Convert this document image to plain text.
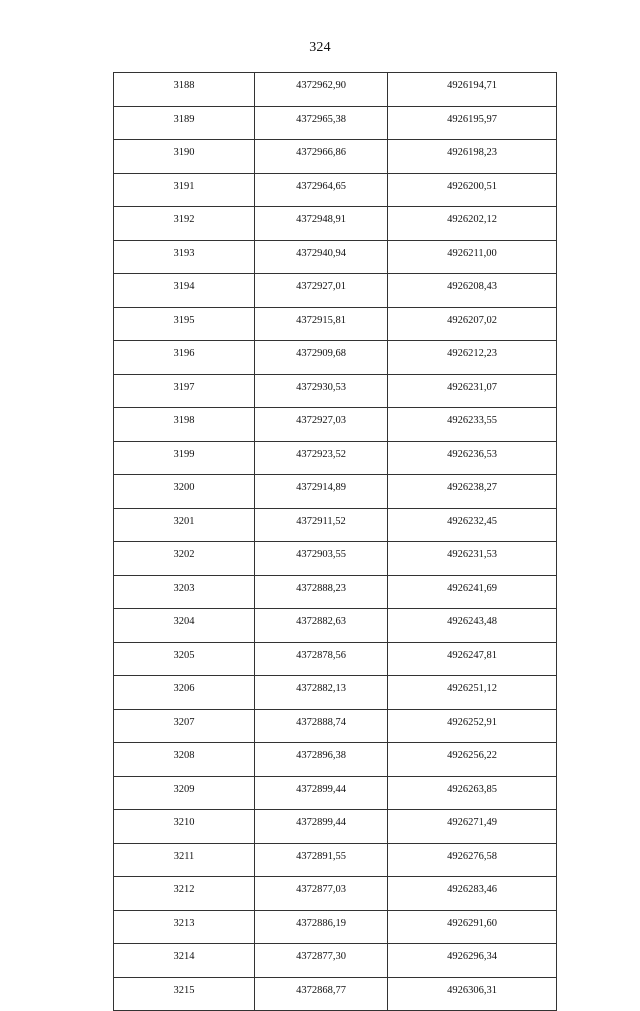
324
3188	4372962,90	4926194,71
3189	4372965,38	4926195,97
3190	4372966,86	4926198,23
3191	4372964,65	4926200,51
3192	4372948,91	4926202,12
3193	4372940,94	4926211,00
3194	4372927,01	4926208,43
3195	4372915,81	4926207,02
3196	4372909,68	4926212,23
3197	4372930,53	4926231,07
3198	4372927,03	4926233,55
3199	4372923,52	4926236,53
3200	4372914,89	4926238,27
3201	4372911,52	4926232,45
3202	4372903,55	4926231,53
3203	4372888,23	4926241,69
3204	4372882,63	4926243,48
3205	4372878,56	4926247,81
3206	4372882,13	4926251,12
3207	4372888,74	4926252,91
3208	4372896,38	4926256,22
3209	4372899,44	4926263,85
3210	4372899,44	4926271,49
3211	4372891,55	4926276,58
3212	4372877,03	4926283,46
3213	4372886,19	4926291,60
3214	4372877,30	4926296,34
3215	4372868,77	4926306,31
